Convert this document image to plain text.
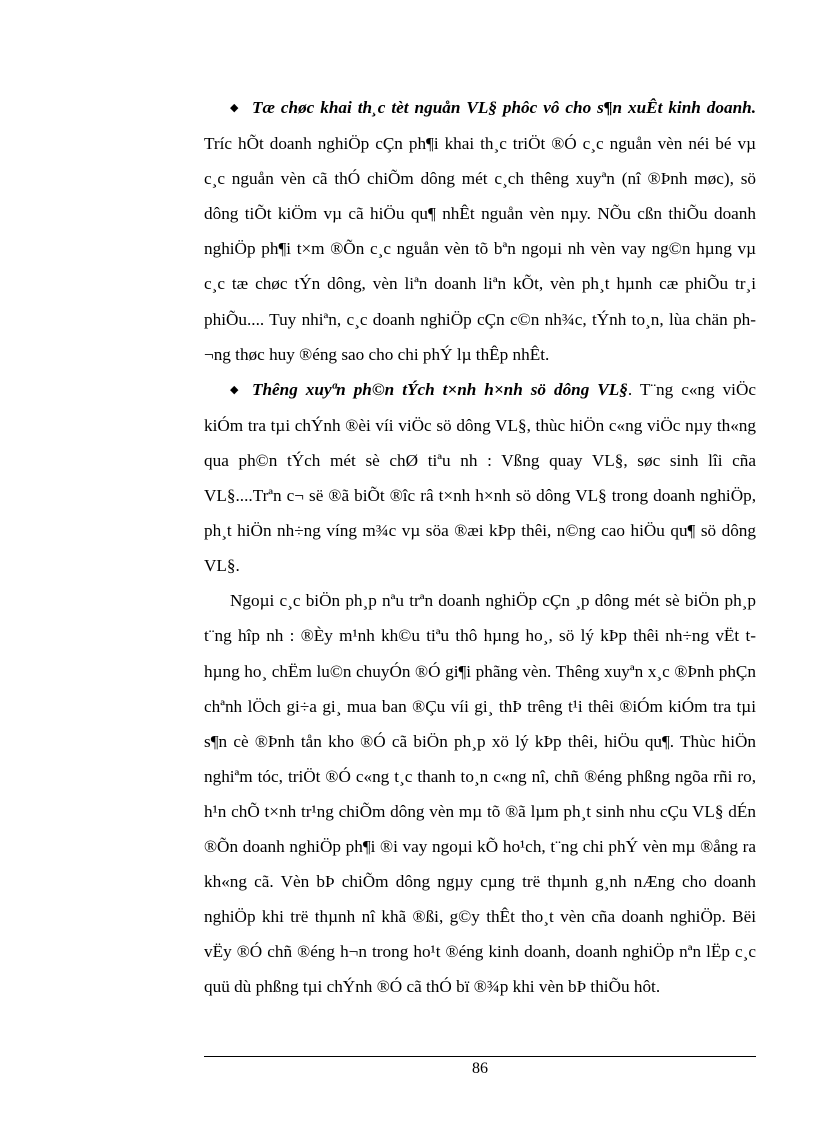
◆ Tæ chøc khai th¸c tèt nguån VL§ phôc vô cho s¶n xuÊt kinh doanh. Tríc hÕt doanh nghiÖp cÇn ph¶i khai th¸c triÖt ®Ó c¸c nguån vèn néi bé vµ c¸c nguån vèn cã thÓ chiÕm dông mét c¸ch thêng xuyªn (nî ®Þnh møc), sö dông tiÕt kiÖm vµ cã hiÖu qu¶ nhÊt nguån vèn nµy. NÕu cßn thiÕu doanh nghiÖp ph¶i t×m ®Õn c¸c nguån vèn tõ bªn ngoµi nh vèn vay ng©n hµng vµ c¸c tæ chøc tÝn dông, vèn liªn doanh liªn kÕt, vèn ph¸t hµnh cæ phiÕu tr¸i phiÕu.... Tuy nhiªn, c¸c doanh nghiÖp cÇn c©n nh¾c, tÝnh to¸n, lùa chän ph¬ng thøc huy ®éng sao cho chi phÝ lµ thÊp nhÊt.

◆ Thêng xuyªn ph©n tÝch t×nh h×nh sö dông VL§. T¨ng c«ng viÖc kiÓm tra tµi chÝnh ®èi víi viÖc sö dông VL§, thùc hiÖn c«ng viÖc nµy th«ng qua ph©n tÝch mét sè chØ tiªu nh : Vßng quay VL§, søc sinh lîi cña VL§....Trªn c¬ së ®ã biÕt ®îc râ t×nh h×nh sö dông VL§ trong doanh nghiÖp, ph¸t hiÖn nh÷ng víng m¾c vµ söa ®æi kÞp thêi, n©ng cao hiÖu qu¶ sö dông VL§.

Ngoµi c¸c biÖn ph¸p nªu trªn doanh nghiÖp cÇn ¸p dông mét sè biÖn ph¸p t¨ng hîp nh : ®Èy m¹nh kh©u tiªu thô hµng ho¸, sö lý kÞp thêi nh÷ng vËt t hµng ho¸ chËm lu©n chuyÓn ®Ó gi¶i phãng vèn. Thêng xuyªn x¸c ®Þnh phÇn chªnh lÖch gi÷a gi¸ mua ban ®Çu víi gi¸ thÞ trêng t¹i thêi ®iÓm kiÓm tra tµi s¶n cè ®Þnh tån kho ®Ó cã biÖn ph¸p xö lý kÞp thêi, hiÖu qu¶. Thùc hiÖn nghiªm tóc, triÖt ®Ó c«ng t¸c thanh to¸n c«ng nî, chñ ®éng phßng ngõa rñi ro, h¹n chÕ t×nh tr¹ng chiÕm dông vèn mµ tõ ®ã lµm ph¸t sinh nhu cÇu VL§ dÉn ®Õn doanh nghiÖp ph¶i ®i vay ngoµi kÕ ho¹ch, t¨ng chi phÝ vèn mµ ®ång ra kh«ng cã. Vèn bÞ chiÕm dông ngµy cµng trë thµnh g¸nh nÆng cho doanh nghiÖp khi trë thµnh nî khã ®ßi, g©y thÊt tho¸t vèn cña doanh nghiÖp. Bëi vËy ®Ó chñ ®éng h¬n trong ho¹t ®éng kinh doanh, doanh nghiÖp nªn lËp c¸c quü dù phßng tµi chÝnh ®Ó cã thÓ bï ®¾p khi vèn bÞ thiÕu hôt.

86
